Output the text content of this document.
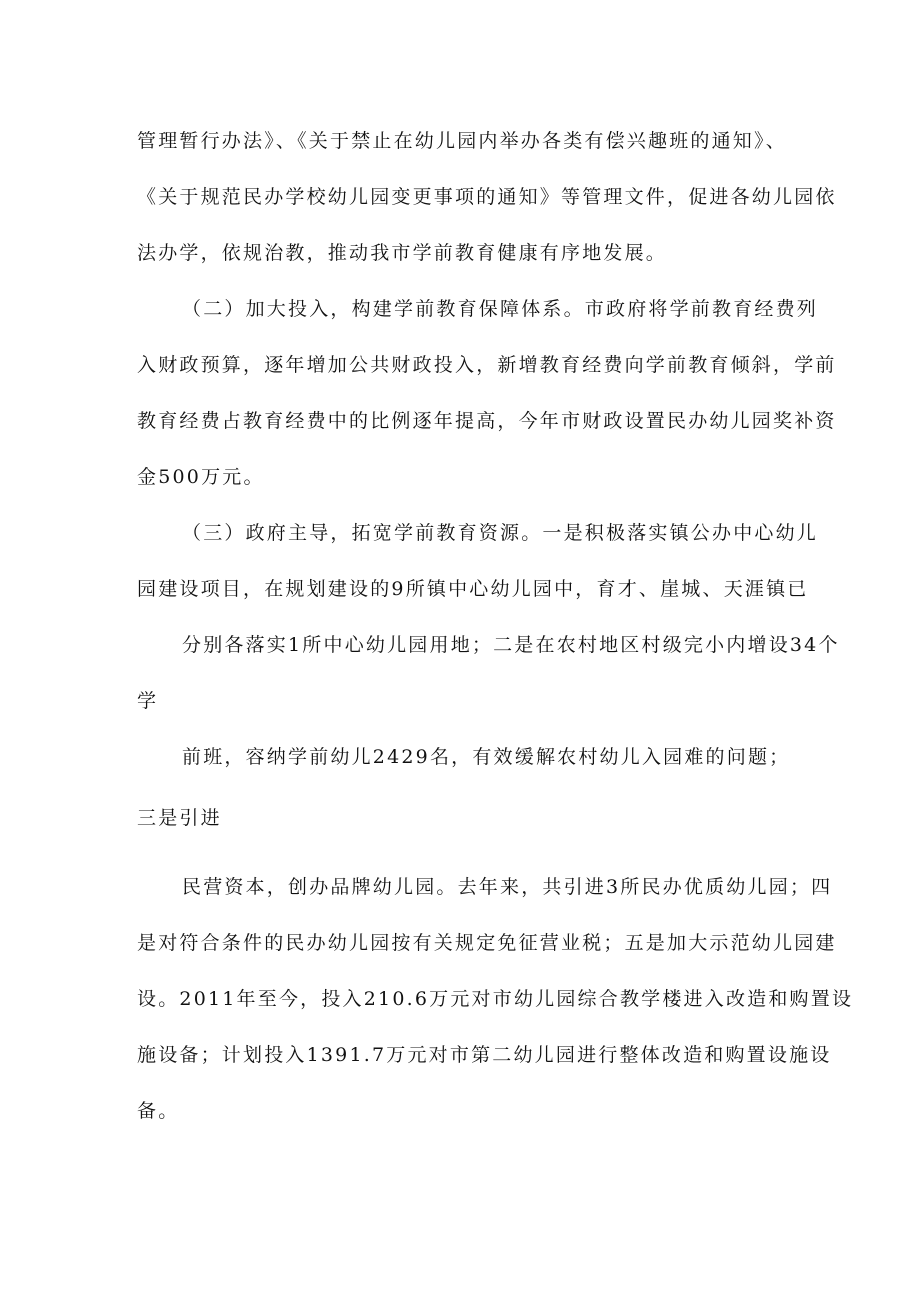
管理暂行办法》、《关于禁止在幼儿园内举办各类有偿兴趣班的通知》、
《关于规范民办学校幼儿园变更事项的通知》等管理文件，促进各幼儿园依
法办学，依规治教，推动我市学前教育健康有序地发展。
（二）加大投入，构建学前教育保障体系。市政府将学前教育经费列
入财政预算，逐年增加公共财政投入，新增教育经费向学前教育倾斜，学前
教育经费占教育经费中的比例逐年提高，今年市财政设置民办幼儿园奖补资
金500万元。
（三）政府主导，拓宽学前教育资源。一是积极落实镇公办中心幼儿
园建设项目，在规划建设的9所镇中心幼儿园中，育才、崖城、天涯镇已
分别各落实1所中心幼儿园用地；二是在农村地区村级完小内增设34个
学
前班，容纳学前幼儿2429名，有效缓解农村幼儿入园难的问题；
三是引进
民营资本，创办品牌幼儿园。去年来，共引进3所民办优质幼儿园；四
是对符合条件的民办幼儿园按有关规定免征营业税；五是加大示范幼儿园建
设。2011年至今，投入210.6万元对市幼儿园综合教学楼进入改造和购置设
施设备；计划投入1391.7万元对市第二幼儿园进行整体改造和购置设施设
备。
